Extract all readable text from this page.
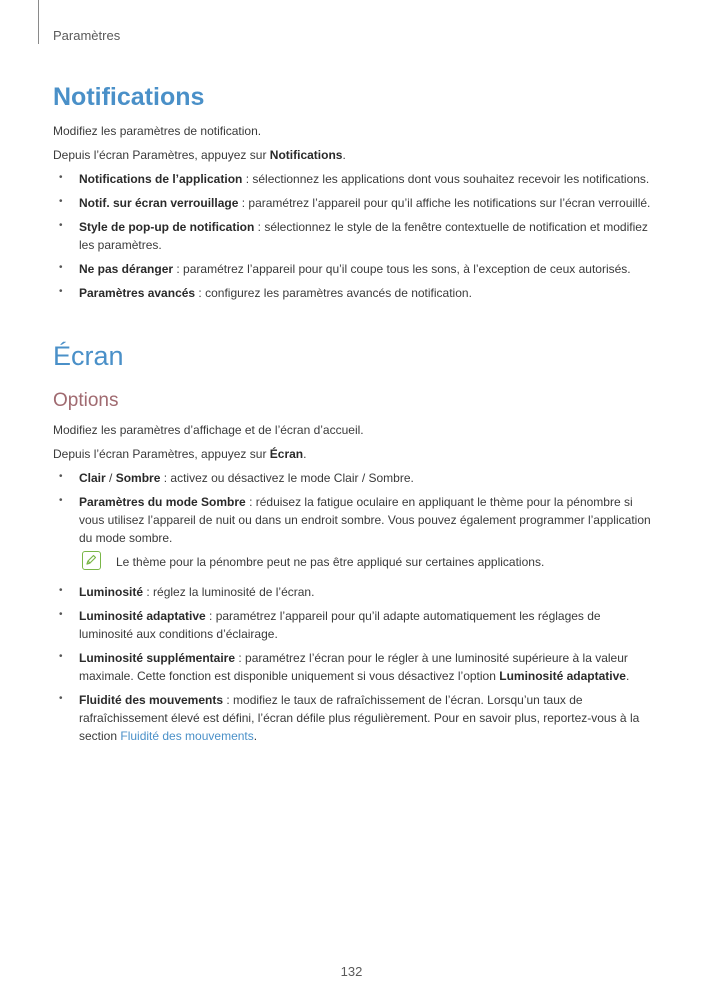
Paramètres
Notifications

Modifiez les paramètres de notification.

Depuis l’écran Paramètres, appuyez sur Notifications.

• Notifications de l’application : sélectionnez les applications dont vous souhaitez recevoir les notifications.
• Notif. sur écran verrouillage : paramétrez l’appareil pour qu’il affiche les notifications sur l’écran verrouillé.
• Style de pop-up de notification : sélectionnez le style de la fenêtre contextuelle de notification et modifiez les paramètres.
• Ne pas déranger : paramétrez l’appareil pour qu’il coupe tous les sons, à l’exception de ceux autorisés.
• Paramètres avancés : configurez les paramètres avancés de notification.
Écran
Options

Modifiez les paramètres d’affichage et de l’écran d’accueil.

Depuis l’écran Paramètres, appuyez sur Écran.

• Clair / Sombre : activez ou désactivez le mode Clair / Sombre.
• Paramètres du mode Sombre : réduisez la fatigue oculaire en appliquant le thème pour la pénombre si vous utilisez l’appareil de nuit ou dans un endroit sombre. Vous pouvez également programmer l’application du mode sombre.
Le thème pour la pénombre peut ne pas être appliqué sur certaines applications.
• Luminosité : réglez la luminosité de l’écran.
• Luminosité adaptative : paramétrez l’appareil pour qu’il adapte automatiquement les réglages de luminosité aux conditions d’éclairage.
• Luminosité supplémentaire : paramétrez l’écran pour le régler à une luminosité supérieure à la valeur maximale. Cette fonction est disponible uniquement si vous désactivez l’option Luminosité adaptative.
• Fluidité des mouvements : modifiez le taux de rafraîchissement de l’écran. Lorsqu’un taux de rafraîchissement élevé est défini, l’écran défile plus régulièrement. Pour en savoir plus, reportez-vous à la section Fluidité des mouvements.
132
